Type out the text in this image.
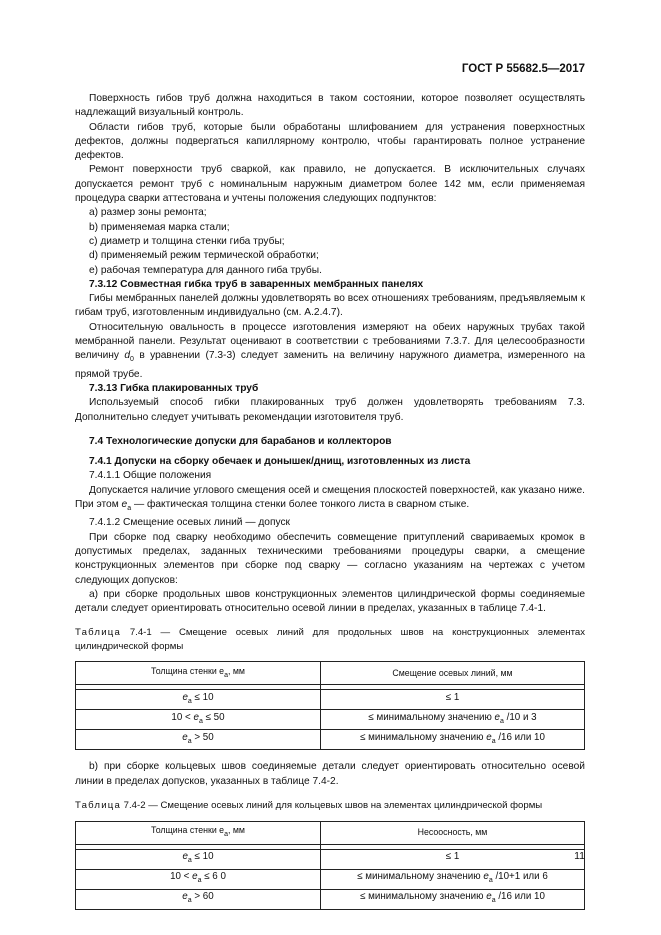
ГОСТ Р 55682.5—2017

Поверхность гибов труб должна находиться в таком состоянии, которое позволяет осуществлять надлежащий визуальный контроль.

Области гибов труб, которые были обработаны шлифованием для устранения поверхностных дефектов, должны подвергаться капиллярному контролю, чтобы гарантировать полное устранение дефектов.

Ремонт поверхности труб сваркой, как правило, не допускается. В исключительных случаях допускается ремонт труб с номинальным наружным диаметром более 142 мм, если применяемая процедура сварки аттестована и учтены положения следующих подпунктов:

a) размер зоны ремонта;

b) применяемая марка стали;

c) диаметр и толщина стенки гиба трубы;

d) применяемый режим термической обработки;

e) рабочая температура для данного гиба трубы.

7.3.12 Совместная гибка труб в заваренных мембранных панелях

Гибы мембранных панелей должны удовлетворять во всех отношениях требованиям, предъявляемым к гибам труб, изготовленным индивидуально (см. А.2.4.7).

Относительную овальность в процессе изготовления измеряют на обеих наружных трубах такой мембранной панели. Результат оценивают в соответствии с требованиями 7.3.7. Для целесообразности величину $d_0$ в уравнении (7.3-3) следует заменить на величину наружного диаметра, измеренного на прямой трубе.

7.3.13 Гибка плакированных труб

Используемый способ гибки плакированных труб должен удовлетворять требованиям 7.3. Дополнительно следует учитывать рекомендации изготовителя труб.

7.4 Технологические допуски для барабанов и коллекторов

7.4.1 Допуски на сборку обечаек и донышек/днищ, изготовленных из листа

7.4.1.1 Общие положения

Допускается наличие углового смещения осей и смещения плоскостей поверхностей, как указано ниже. При этом $e_a$ — фактическая толщина стенки более тонкого листа в сварном стыке.

7.4.1.2 Смещение осевых линий — допуск

При сборке под сварку необходимо обеспечить совмещение притуплений свариваемых кромок в допустимых пределах, заданных техническими требованиями процедуры сварки, а смещение конструкционных элементов при сборке под сварку — согласно указаниям на чертежах с учетом следующих допусков:

а) при сборке продольных швов конструкционных элементов цилиндрической формы соединяемые детали следует ориентировать относительно осевой линии в пределах, указанных в таблице 7.4-1.

Таблица 7.4-1 — Смещение осевых линий для продольных швов на конструкционных элементах цилиндрической формы

Толщина стенки $e_a$, мм	Смещение осевых линий, мм

$e_a \le 10$	≤ 1
$10 < e_a \le 50$	≤ минимальному значению $e_a$ /10 и 3
$e_a > 50$	≤ минимальному значению $e_a$ /16 или 10

b) при сборке кольцевых швов соединяемые детали следует ориентировать относительно осевой линии в пределах допусков, указанных в таблице 7.4-2.

Таблица 7.4-2 — Смещение осевых линий для кольцевых швов на элементах цилиндрической формы

Толщина стенки $e_a$, мм	Несоосность, мм

$e_a \le 10$	≤ 1
$10 < e_a \le 6$ 0	≤ минимальному значению $e_a$ /10+1 или 6
$e_a > 60$	≤ минимальному значению $e_a$ /16 или 10
11
